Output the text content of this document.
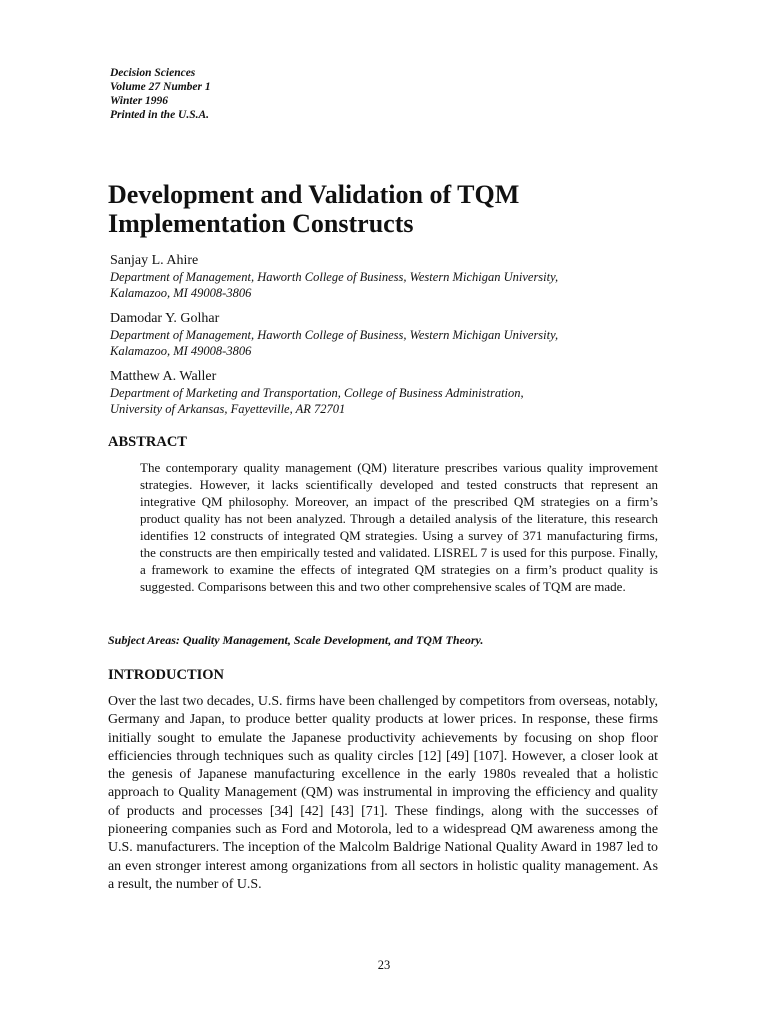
Decision Sciences
Volume 27 Number 1
Winter 1996
Printed in the U.S.A.
Development and Validation of TQM
Implementation Constructs
Sanjay L. Ahire
Department of Management, Haworth College of Business, Western Michigan University,
Kalamazoo, MI 49008-3806
Damodar Y. Golhar
Department of Management, Haworth College of Business, Western Michigan University,
Kalamazoo, MI 49008-3806
Matthew A. Waller
Department of Marketing and Transportation, College of Business Administration,
University of Arkansas, Fayetteville, AR 72701
ABSTRACT

The contemporary quality management (QM) literature prescribes various quality improvement strategies. However, it lacks scientifically developed and tested constructs that represent an integrative QM philosophy. Moreover, an impact of the prescribed QM strategies on a firm’s product quality has not been analyzed. Through a detailed analysis of the literature, this research identifies 12 constructs of integrated QM strategies. Using a survey of 371 manufacturing firms, the constructs are then empirically tested and validated. LISREL 7 is used for this purpose. Finally, a framework to examine the effects of integrated QM strategies on a firm’s product quality is suggested. Comparisons between this and two other comprehensive scales of TQM are made.

Subject Areas: Quality Management, Scale Development, and TQM Theory.
INTRODUCTION

Over the last two decades, U.S. firms have been challenged by competitors from overseas, notably, Germany and Japan, to produce better quality products at lower prices. In response, these firms initially sought to emulate the Japanese productivity achievements by focusing on shop floor efficiencies through techniques such as quality circles [12] [49] [107]. However, a closer look at the genesis of Japanese manufacturing excellence in the early 1980s revealed that a holistic approach to Quality Management (QM) was instrumental in improving the efficiency and quality of products and processes [34] [42] [43] [71]. These findings, along with the successes of pioneering companies such as Ford and Motorola, led to a widespread QM awareness among the U.S. manufacturers. The inception of the Malcolm Baldrige National Quality Award in 1987 led to an even stronger interest among organizations from all sectors in holistic quality management. As a result, the number of U.S.

23
